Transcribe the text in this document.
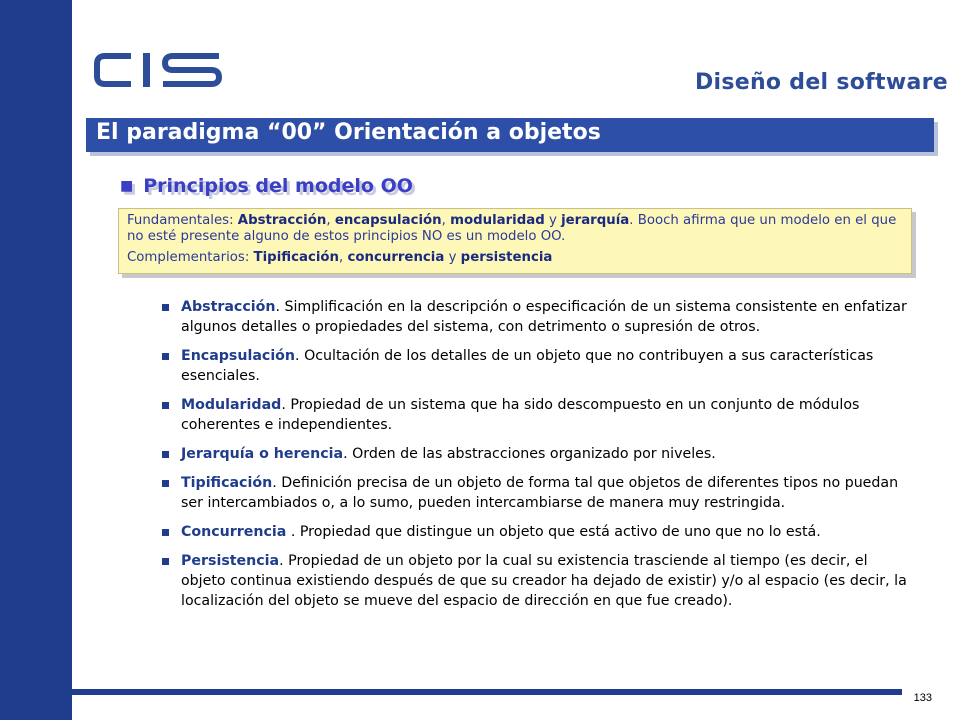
Diseño del software
El paradigma “00” Orientación a objetos
■ Principios del modelo OO

Fundamentales: Abstracción, encapsulación, modularidad y jerarquía. Booch afirma que un modelo en el que no esté presente alguno de estos principios NO es un modelo OO.

Complementarios: Tipificación, concurrencia y persistencia

Abstracción. Simplificación en la descripción o especificación de un sistema consistente en enfatizar algunos detalles o propiedades del sistema, con detrimento o supresión de otros.
Encapsulación. Ocultación de los detalles de un objeto que no contribuyen a sus características esenciales.
Modularidad. Propiedad de un sistema que ha sido descompuesto en un conjunto de módulos coherentes e independientes.
Jerarquía o herencia. Orden de las abstracciones organizado por niveles.
Tipificación. Definición precisa de un objeto de forma tal que objetos de diferentes tipos no puedan ser intercambiados o, a lo sumo, pueden intercambiarse de manera muy restringida.
Concurrencia . Propiedad que distingue un objeto que está activo de uno que no lo está.
Persistencia. Propiedad de un objeto por la cual su existencia trasciende al tiempo (es decir, el objeto continua existiendo después de que su creador ha dejado de existir) y/o al espacio (es decir, la localización del objeto se mueve del espacio de dirección en que fue creado).
133
